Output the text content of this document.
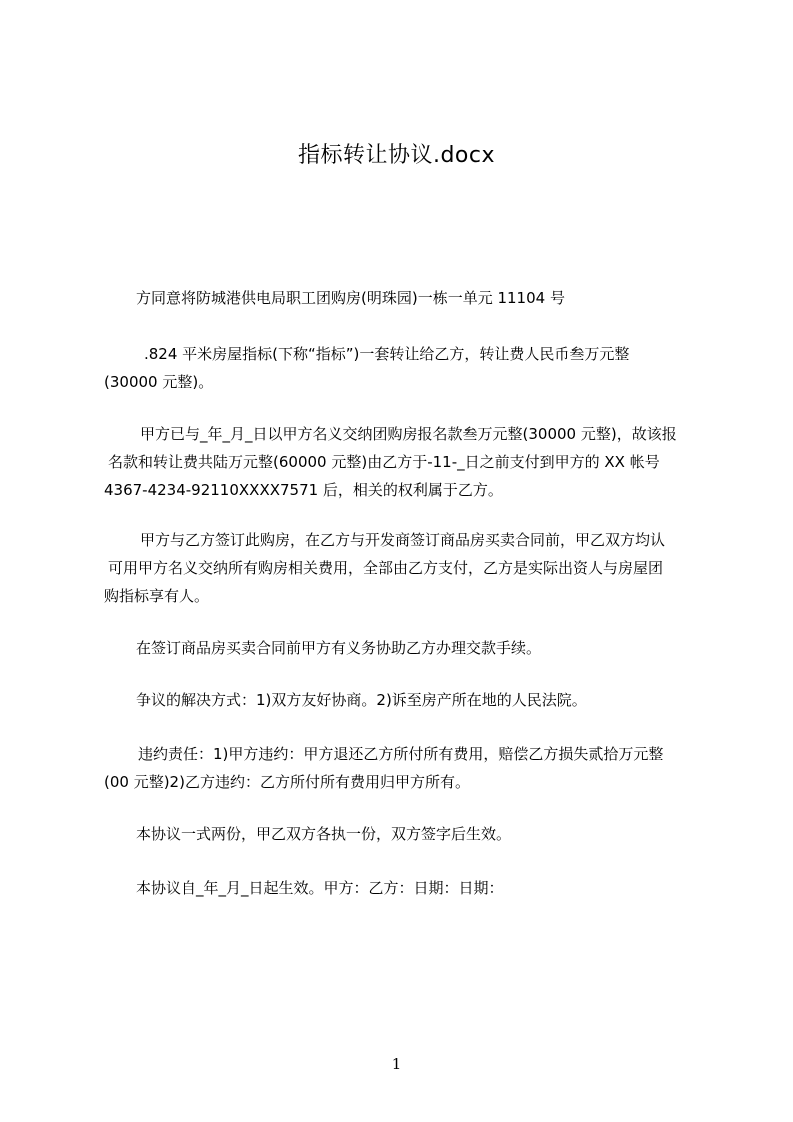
指标转让协议.docx
方同意将防城港供电局职工团购房(明珠园)一栋一单元 11104 号
.824 平米房屋指标(下称“指标”)一套转让给乙方，转让费人民币叁万元整
(30000 元整)。
甲方已与_年_月_日以甲方名义交纳团购房报名款叁万元整(30000 元整)，故该报
名款和转让费共陆万元整(60000 元整)由乙方于-11-_日之前支付到甲方的 XX 帐号
4367-4234-92110XXXX7571 后，相关的权利属于乙方。
甲方与乙方签订此购房，在乙方与开发商签订商品房买卖合同前，甲乙双方均认
可用甲方名义交纳所有购房相关费用，全部由乙方支付，乙方是实际出资人与房屋团
购指标享有人。
在签订商品房买卖合同前甲方有义务协助乙方办理交款手续。
争议的解决方式：1)双方友好协商。2)诉至房产所在地的人民法院。
违约责任：1)甲方违约：甲方退还乙方所付所有费用，赔偿乙方损失贰拾万元整
(00 元整)2)乙方违约：乙方所付所有费用归甲方所有。
本协议一式两份，甲乙双方各执一份，双方签字后生效。
本协议自_年_月_日起生效。甲方：乙方：日期：日期：
1
